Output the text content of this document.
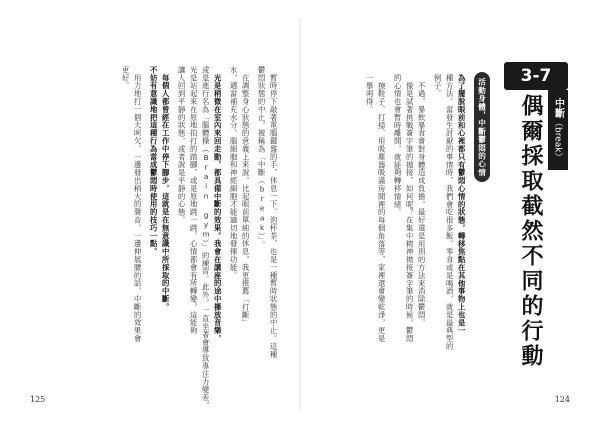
3-7
中斷
（break）
偶爾採取截然不同的行動
活動身體，中斷鬱悶的心情
為了擺脫眼前和心裡都只有鬱悶心情的狀態，轉移焦點在其他事物上也是一
種方法。當發生討厭的事情時，我們會吃很多飯、零食或是喝酒，就是最典型的
例子。
　不過，暴飲暴食會對身體造成負擔，最好還是用別的方法來消除鬱悶。
　像是試著挑戰簽字筆的拋接，如何呢？在集中精神拋接簽字筆的時候，鬱悶
的心情也會暫時離開，就能夠轉移情緒。
　擦鞋子、打掃、用吸塵器吸滿房間裡的每個角落等，家裡還會變乾淨，更是
一舉兩得。
　暫時停下敲著電腦鍵盤的手，休息一下。泡杯茶，也是一種暫時狀態的中止。這種
鬱悶狀態的中止，被稱為「中斷（break）」。
　在調整身心狀態的意義上來說，比起眼前單純的休息，我更推薦「打斷」
水，適當補充水分，腦細胞和神經細胞才能適切地發揮功能。
　光是稍微在室內來回走動，都具備中斷的效果。我會在講座的途中播放音樂，
或是進行名為「腦體操（Brain gym）」的練習。此外，一直坐著會導致專注力變差，
光是站起來在原地拍打的踏腳，或是原地跳一跳，心情都會有所轉變，這能夠
讓人回到平靜的狀態，或者說是平靜的心態。
　每個人都曾經在工作中停下腳步，這就是在無意識中所採取的中斷。
不妨有意識地把這種行為當成鬱悶時使用的技巧一點。
　用力地打一個大呵欠，一邊發出稍大的聲音，一邊伸展腰的話，中斷的效果會
更好。
125	124
